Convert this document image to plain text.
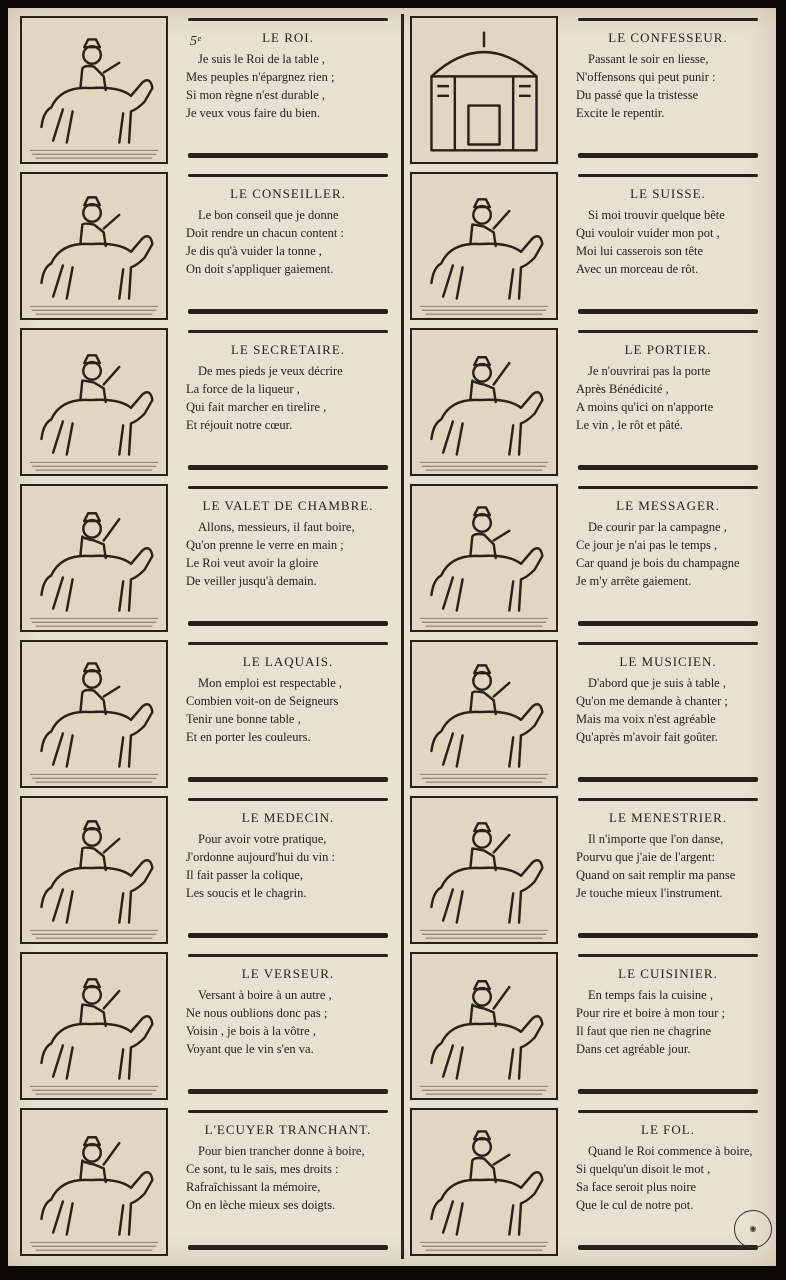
5ᵉ	LE ROI.
Je suis le Roi de la table ,
Mes peuples n'épargnez rien ;
Si mon règne n'est durable ,
Je veux vous faire du bien.
LE CONSEILLER.
Le bon conseil que je donne
Doit rendre un chacun content :
Je dis qu'à vuider la tonne ,
On doit s'appliquer gaiement.
LE SECRETAIRE.
De mes pieds je veux décrire
La force de la liqueur ,
Qui fait marcher en tirelire ,
Et réjouit notre cœur.
LE VALET DE CHAMBRE.
Allons, messieurs, il faut boire,
Qu'on prenne le verre en main ;
Le Roi veut avoir la gloire
De veiller jusqu'à demain.
LE LAQUAIS.
Mon emploi est respectable ,
Combien voit-on de Seigneurs
Tenir une bonne table ,
Et en porter les couleurs.
LE MEDECIN.
Pour avoir votre pratique,
J'ordonne aujourd'hui du vin :
Il fait passer la colique,
Les soucis et le chagrin.
LE VERSEUR.
Versant à boire à un autre ,
Ne nous oublions donc pas ;
Voisin , je bois à la vôtre ,
Voyant que le vin s'en va.
L'ECUYER TRANCHANT.
Pour bien trancher donne à boire,
Ce sont, tu le sais, mes droits :
Rafraîchissant la mémoire,
On en lèche mieux ses doigts.
LE CONFESSEUR.
Passant le soir en liesse,
N'offensons qui peut punir :
Du passé que la tristesse
Excite le repentir.
LE SUISSE.
Si moi trouvir quelque bête
Qui vouloir vuider mon pot ,
Moi lui casserois son tête
Avec un morceau de rôt.
LE PORTIER.
Je n'ouvrirai pas la porte
Après Bénédicité ,
A moins qu'ici on n'apporte
Le vin , le rôt et pâté.
LE MESSAGER.
De courir par la campagne ,
Ce jour je n'ai pas le temps ,
Car quand je bois du champagne
Je m'y arrête gaiement.
LE MUSICIEN.
D'abord que je suis à table ,
Qu'on me demande à chanter ;
Mais ma voix n'est agréable
Qu'après m'avoir fait goûter.
LE MENESTRIER.
Il n'importe que l'on danse,
Pourvu que j'aie de l'argent:
Quand on sait remplir ma panse
Je touche mieux l'instrument.
LE CUISINIER.
En temps fais la cuisine ,
Pour rire et boire à mon tour ;
Il faut que rien ne chagrine
Dans cet agréable jour.
LE FOL.
Quand le Roi commence à boire,
Si quelqu'un disoit le mot ,
Sa face seroit plus noire
Que le cul de notre pot.
◉
